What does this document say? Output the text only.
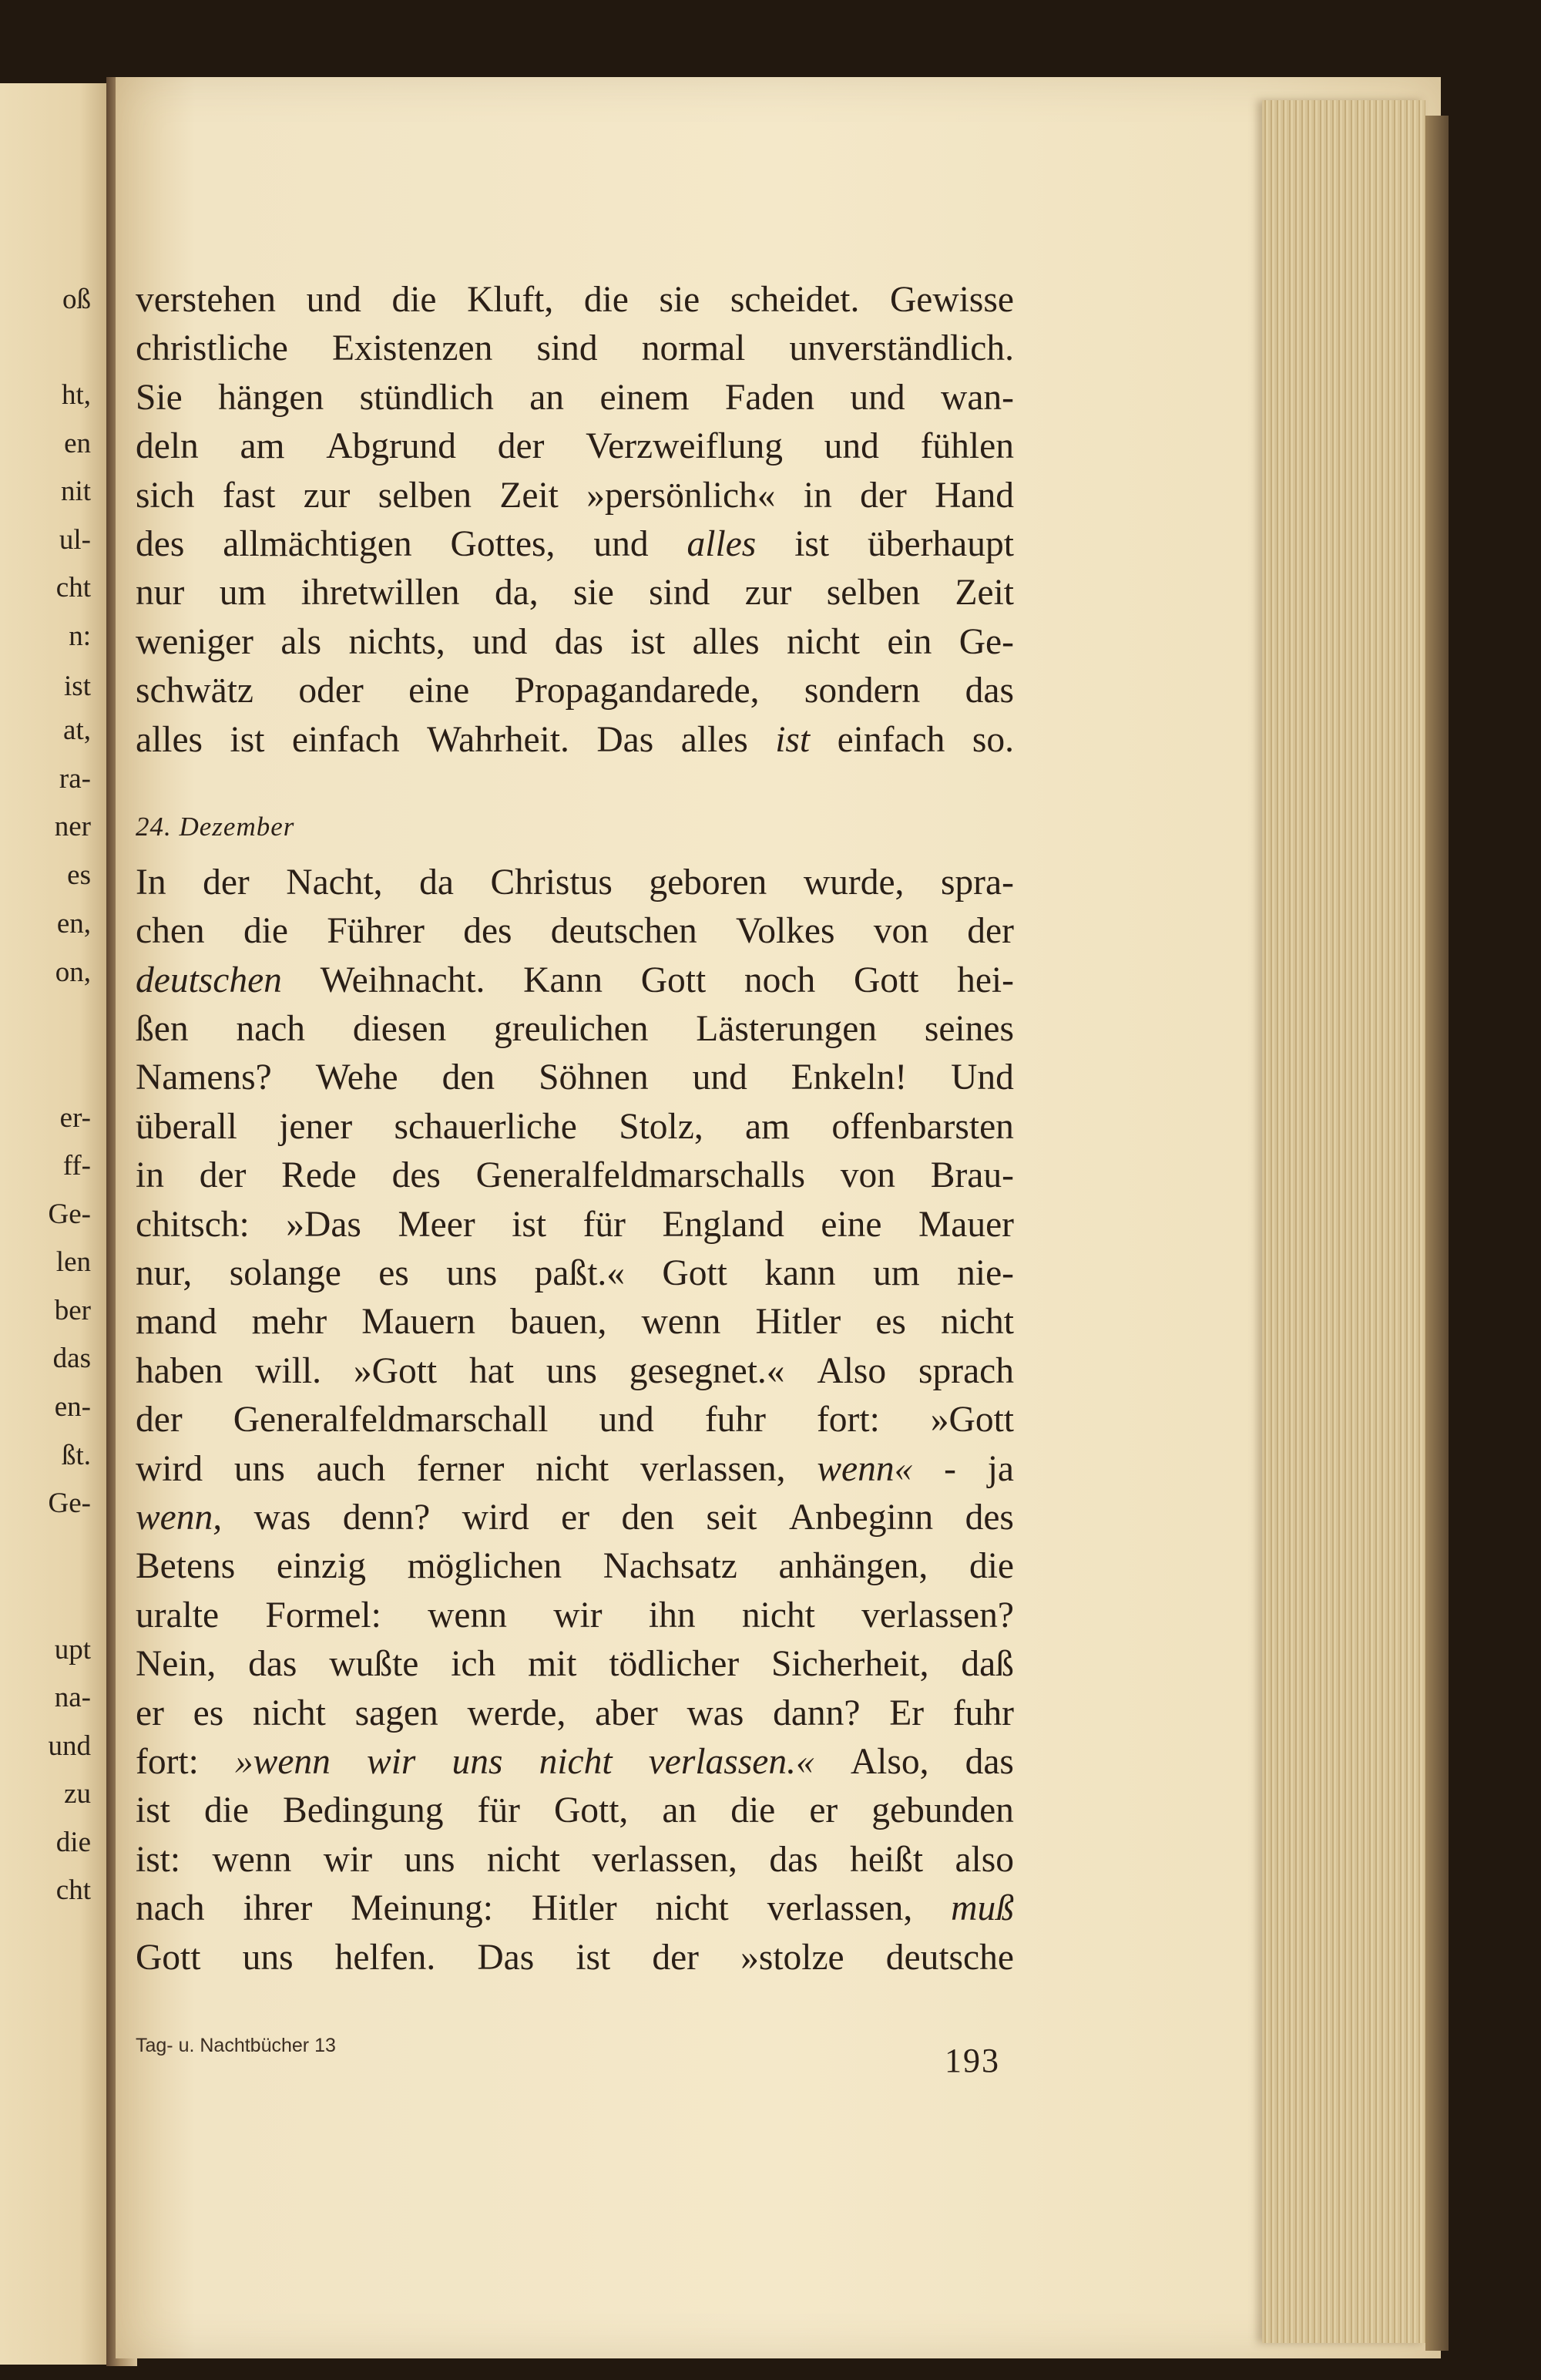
oß
ht,
en
nit
ul-
cht
n:
ist
at,
ra-
ner
es
en,
on,
er-
ff-
Ge-
len
ber
das
en-
ßt.
Ge-
upt
na-
und
zu
die
cht
verstehen und die Kluft, die sie scheidet. Gewisse
christliche Existenzen sind normal unverständlich.
Sie hängen stündlich an einem Faden und wan-
deln am Abgrund der Verzweiflung und fühlen
sich fast zur selben Zeit »persönlich« in der Hand
des allmächtigen Gottes, und alles ist überhaupt
nur um ihretwillen da, sie sind zur selben Zeit
weniger als nichts, und das ist alles nicht ein Ge-
schwätz oder eine Propagandarede, sondern das
alles ist einfach Wahrheit. Das alles ist einfach so.
24. Dezember
In der Nacht, da Christus geboren wurde, spra-
chen die Führer des deutschen Volkes von der
deutschen Weihnacht. Kann Gott noch Gott hei-
ßen nach diesen greulichen Lästerungen seines
Namens? Wehe den Söhnen und Enkeln! Und
überall jener schauerliche Stolz, am offenbarsten
in der Rede des Generalfeldmarschalls von Brau-
chitsch: »Das Meer ist für England eine Mauer
nur, solange es uns paßt.« Gott kann um nie-
mand mehr Mauern bauen, wenn Hitler es nicht
haben will. »Gott hat uns gesegnet.« Also sprach
der Generalfeldmarschall und fuhr fort: »Gott
wird uns auch ferner nicht verlassen, wenn« - ja
wenn, was denn? wird er den seit Anbeginn des
Betens einzig möglichen Nachsatz anhängen, die
uralte Formel: wenn wir ihn nicht verlassen?
Nein, das wußte ich mit tödlicher Sicherheit, daß
er es nicht sagen werde, aber was dann? Er fuhr
fort: »wenn wir uns nicht verlassen.« Also, das
ist die Bedingung für Gott, an die er gebunden
ist: wenn wir uns nicht verlassen, das heißt also
nach ihrer Meinung: Hitler nicht verlassen, muß
Gott uns helfen. Das ist der »stolze deutsche
Tag- u. Nachtbücher 13	193
